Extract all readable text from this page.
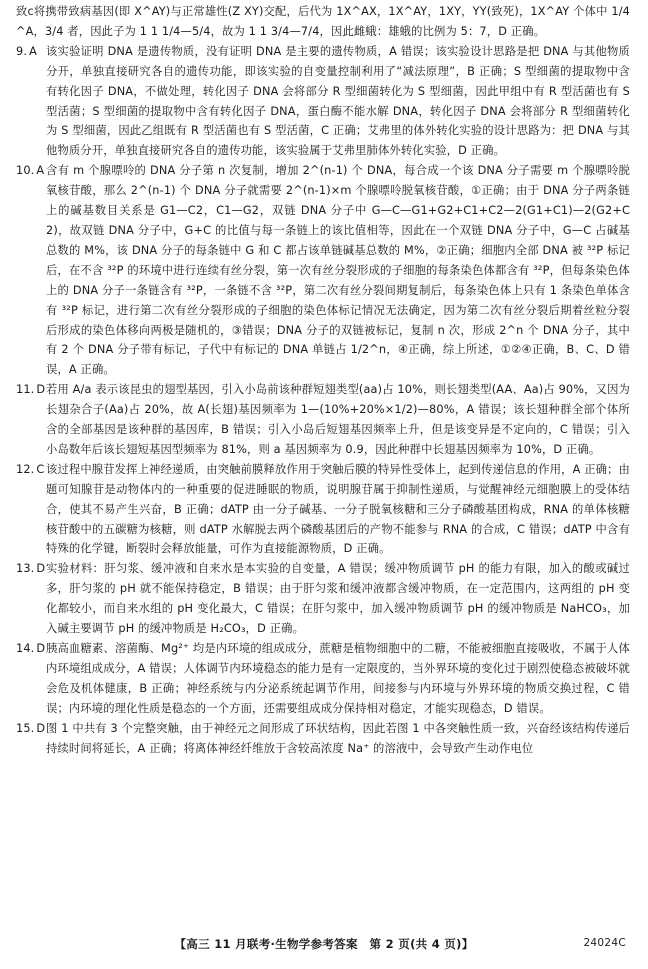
致c将携带致病基因(即 X^AY)与正常雄性(Z XY)交配，后代为 1X^AX，1X^AY，1XY，YY(致死)，1X^AY 个体中 1/4^A，3/4 者，因此子为 1 1 1/4—5/4，故为 1 1 3/4—7/4，因此雌蛾：雄蛾的比例为 5：7，D 正确。

9. A 该实验证明 DNA 是遗传物质，没有证明 DNA 是主要的遗传物质，A 错误；该实验设计思路是把 DNA 与其他物质分开，单独直接研究各自的遗传功能，即该实验的自变量控制利用了“减法原理”，B 正确；S 型细菌的提取物中含有转化因子 DNA，不做处理，转化因子 DNA 会将部分 R 型细菌转化为 S 型细菌，因此甲组中有 R 型活菌也有 S 型活菌；S 型细菌的提取物中含有转化因子 DNA，蛋白酶不能水解 DNA，转化因子 DNA 会将部分 R 型细菌转化为 S 型细菌，因此乙组既有 R 型活菌也有 S 型活菌，C 正确；艾弗里的体外转化实验的设计思路为：把 DNA 与其他物质分开，单独直接研究各自的遗传功能，该实验属于艾弗里肺体外转化实验，D 正确。

10. A 含有 m 个腺嘌呤的 DNA 分子第 n 次复制，增加 2^(n-1) 个 DNA，每合成一个该 DNA 分子需要 m 个腺嘌呤脱氧核苷酸，那么 2^(n-1) 个 DNA 分子就需要 2^(n-1)×m 个腺嘌呤脱氧核苷酸，①正确；由于 DNA 分子两条链上的碱基数目关系是 G1—C2，C1—G2，双链 DNA 分子中 G—C—G1+G2+C1+C2—2(G1+C1)—2(G2+C2)，故双链 DNA 分子中，G+C 的比值与每一条链上的该比值相等，因此在一个双链 DNA 分子中，G—C 占碱基总数的 M%，该 DNA 分子的每条链中 G 和 C 都占该单链碱基总数的 M%，②正确；细胞内全部 DNA 被 ³²P 标记后，在不含 ³²P 的环境中进行连续有丝分裂，第一次有丝分裂形成的子细胞的每条染色体都含有 ³²P，但每条染色体上的 DNA 分子一条链含有 ³²P，一条链不含 ³²P，第二次有丝分裂间期复制后，每条染色体上只有 1 条染色单体含有 ³²P 标记，进行第二次有丝分裂形成的子细胞的染色体标记情况无法确定，因为第二次有丝分裂后期着丝粒分裂后形成的染色体移向两极是随机的，③错误；DNA 分子的双链被标记，复制 n 次，形成 2^n 个 DNA 分子，其中有 2 个 DNA 分子带有标记，子代中有标记的 DNA 单链占 1/2^n，④正确，综上所述，①②④正确，B、C、D 错误，A 正确。

11. D 若用 A/a 表示该昆虫的翅型基因，引入小岛前该种群短翅类型(aa)占 10%，则长翅类型(AA、Aa)占 90%，又因为长翅杂合子(Aa)占 20%，故 A(长翅)基因频率为 1—(10%+20%×1/2)—80%，A 错误；该长翅种群全部个体所含的全部基因是该种群的基因库，B 错误；引入小岛后短翅基因频率上升，但是该变异是不定向的，C 错误；引入小岛数年后该长翅短基因型频率为 81%，则 a 基因频率为 0.9，因此种群中长翅基因频率为 10%，D 正确。

12. C 该过程中腺苷发挥上神经递质，由突触前膜释放作用于突触后膜的特异性受体上，起到传递信息的作用，A 正确；由题可知腺苷是动物体内的一种重要的促进睡眠的物质，说明腺苷属于抑制性递质，与觉醒神经元细胞膜上的受体结合，使其不易产生兴奋，B 正确；dATP 由一分子碱基、一分子脱氧核糖和三分子磷酸基团构成，RNA 的单体核糖核苷酸中的五碳糖为核糖，则 dATP 水解脱去两个磷酸基团后的产物不能参与 RNA 的合成，C 错误；dATP 中含有特殊的化学键，断裂时会释放能量，可作为直接能源物质，D 正确。

13. D 实验材料：肝匀浆、缓冲液和自来水是本实验的自变量，A 错误；缓冲物质调节 pH 的能力有限，加入的酸或碱过多，肝匀浆的 pH 就不能保持稳定，B 错误；由于肝匀浆和缓冲液都含缓冲物质，在一定范围内，这两组的 pH 变化都较小，而自来水组的 pH 变化最大，C 错误；在肝匀浆中，加入缓冲物质调节 pH 的缓冲物质是 NaHCO₃，加入碱主要调节 pH 的缓冲物质是 H₂CO₃，D 正确。

14. D 胰高血糖素、溶菌酶、Mg²⁺ 均是内环境的组成成分，蔗糖是植物细胞中的二糖，不能被细胞直接吸收，不属于人体内环境组成成分，A 错误；人体调节内环境稳态的能力是有一定限度的，当外界环境的变化过于剧烈使稳态被破坏就会危及机体健康，B 正确；神经系统与内分泌系统起调节作用，间接参与内环境与外界环境的物质交换过程，C 错误；内环境的理化性质是稳态的一个方面，还需要组成成分保持相对稳定，才能实现稳态，D 错误。

15. D 图 1 中共有 3 个完整突触，由于神经元之间形成了环状结构，因此若图 1 中各突触性质一致，兴奋经该结构传递后持续时间将延长，A 正确；将离体神经纤维放于含较高浓度 Na⁺ 的溶液中，会导致产生动作电位

【高三 11 月联考·生物学参考答案　第 2 页(共 4 页)】	24024C
